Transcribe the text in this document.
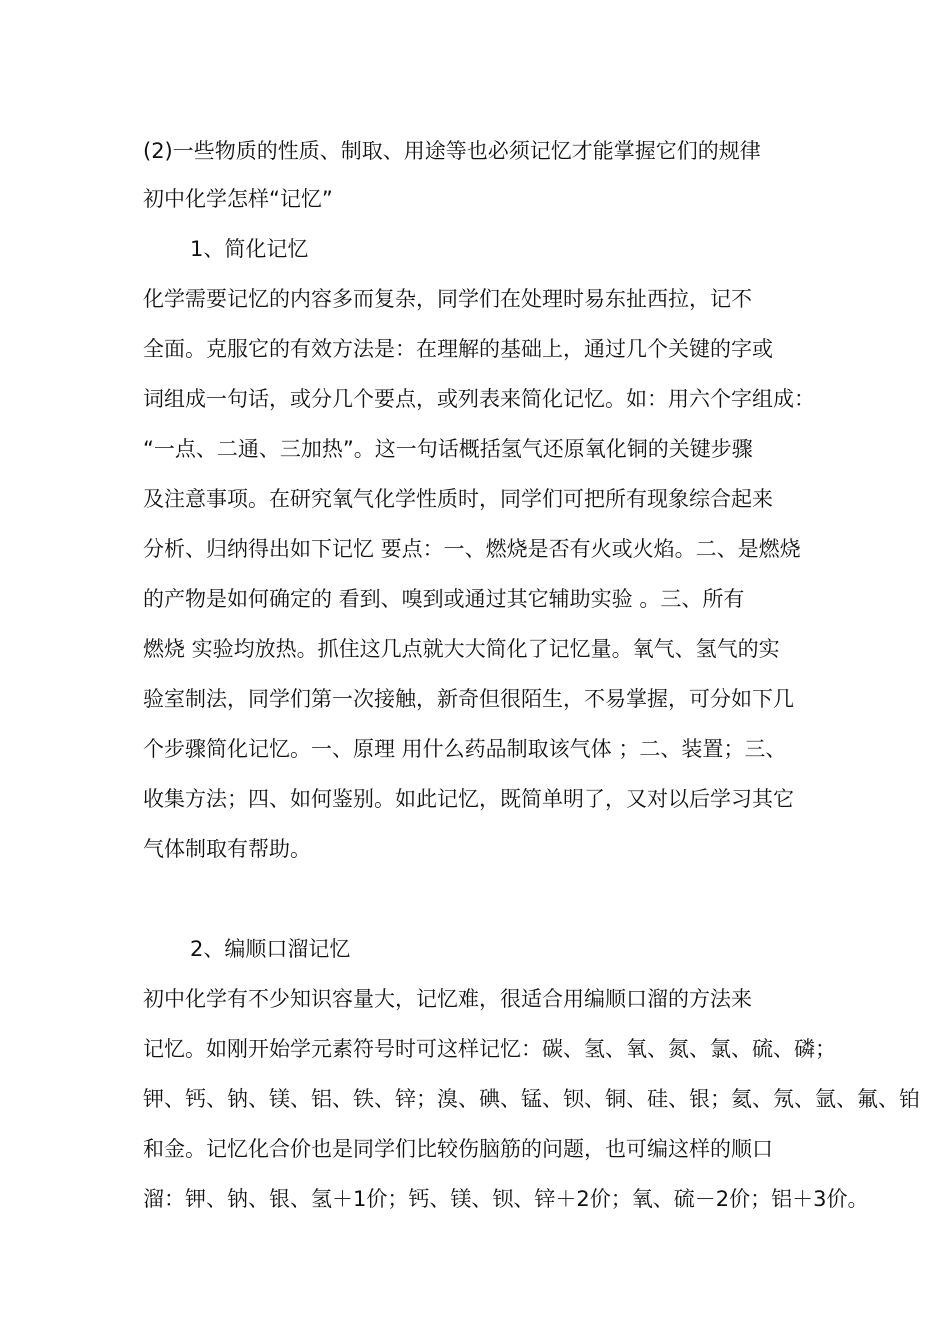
(2)一些物质的性质、制取、用途等也必须记忆才能掌握它们的规律
初中化学怎样“记忆”
1、简化记忆
化学需要记忆的内容多而复杂，同学们在处理时易东扯西拉，记不
全面。克服它的有效方法是：在理解的基础上，通过几个关键的字或
词组成一句话，或分几个要点，或列表来简化记忆。如：用六个字组成：
“一点、二通、三加热”。这一句话概括氢气还原氧化铜的关键步骤
及注意事项。在研究氧气化学性质时，同学们可把所有现象综合起来
分析、归纳得出如下记忆 要点：一、燃烧是否有火或火焰。二、是燃烧
的产物是如何确定的 看到、嗅到或通过其它辅助实验 。三、所有
燃烧 实验均放热。抓住这几点就大大简化了记忆量。氧气、氢气的实
验室制法，同学们第一次接触，新奇但很陌生，不易掌握，可分如下几
个步骤简化记忆。一、原理 用什么药品制取该气体 ；二、装置；三、
收集方法；四、如何鉴别。如此记忆，既简单明了，又对以后学习其它
气体制取有帮助。
2、编顺口溜记忆
初中化学有不少知识容量大，记忆难，很适合用编顺口溜的方法来
记忆。如刚开始学元素符号时可这样记忆：碳、氢、氧、氮、氯、硫、磷；
钾、钙、钠、镁、铝、铁、锌；溴、碘、锰、钡、铜、硅、银；氦、氖、氩、氟、铂
和金。记忆化合价也是同学们比较伤脑筋的问题，也可编这样的顺口
溜：钾、钠、银、氢＋1价；钙、镁、钡、锌＋2价；氧、硫－2价；铝＋3价。
